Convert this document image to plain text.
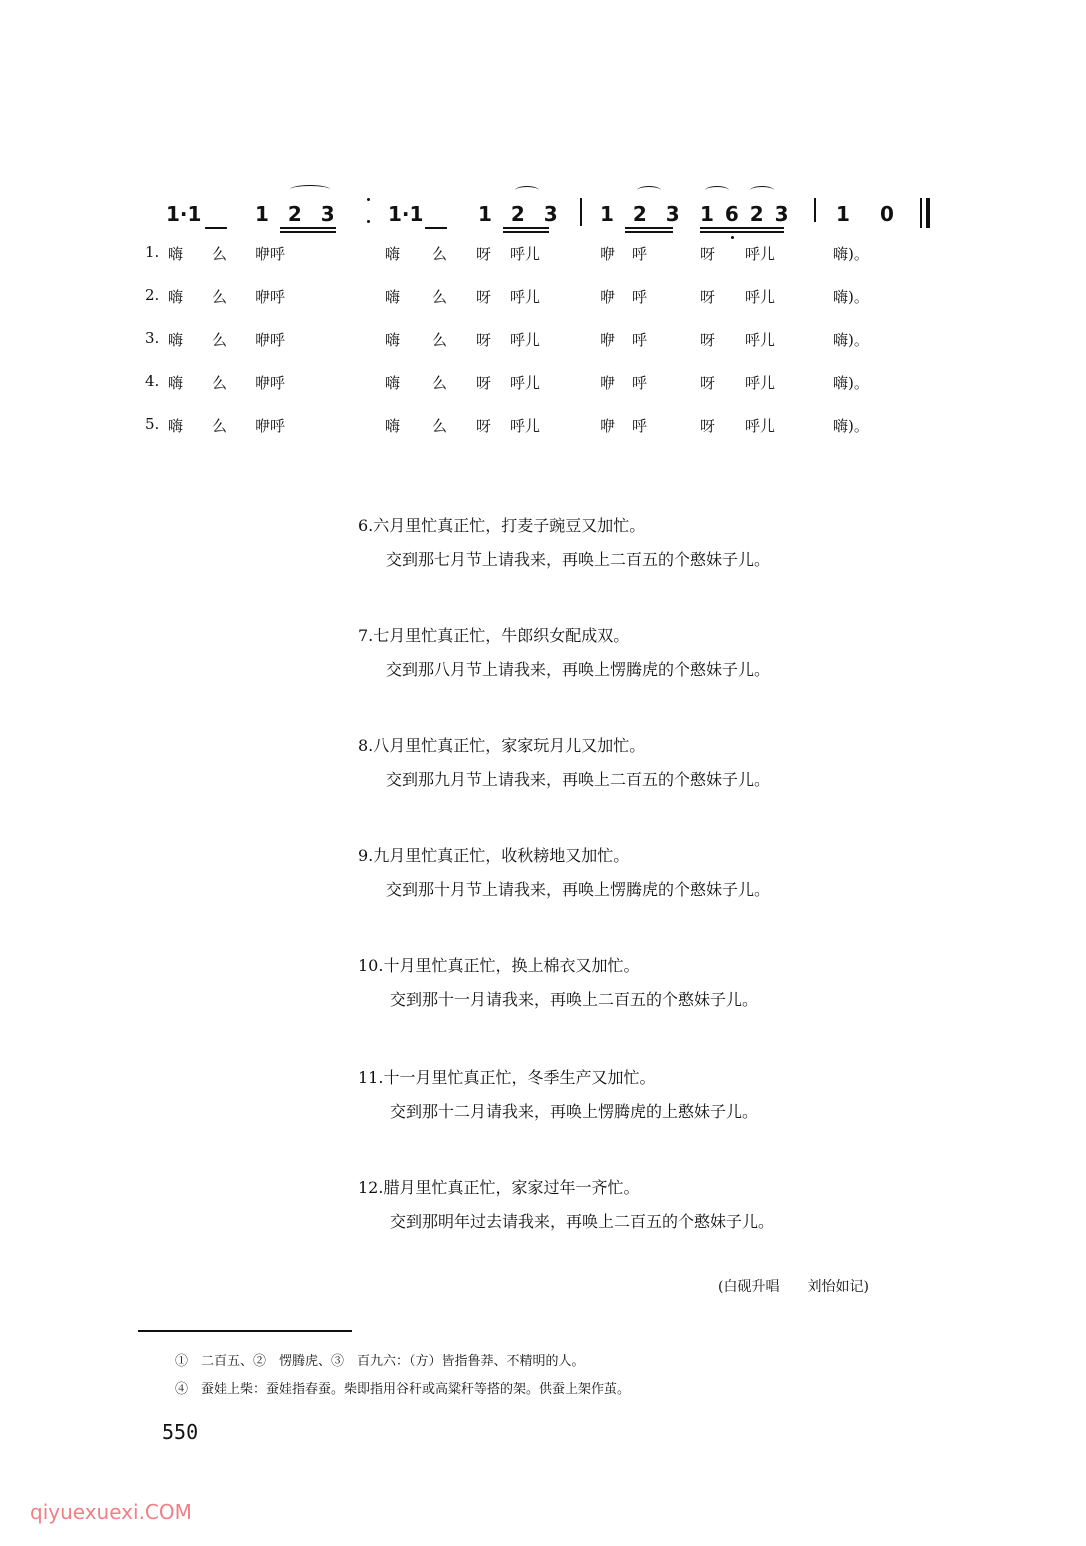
1·1	1 2 3 1·1	1 2 3 1 2 3 1 6 2 3 1 0
1. 嗨 么 咿呼	嗨 么 呀 呼儿	咿 呼	呀 呼儿	嗨)。
2. 嗨 么 咿呼	嗨 么 呀 呼儿	咿 呼	呀 呼儿	嗨)。
3. 嗨 么 咿呼	嗨 么 呀 呼儿	咿 呼	呀 呼儿	嗨)。
4. 嗨 么 咿呼	嗨 么 呀 呼儿	咿 呼	呀 呼儿	嗨)。
5. 嗨 么 咿呼	嗨 么 呀 呼儿	咿 呼	呀 呼儿	嗨)。
6.六月里忙真正忙，打麦子豌豆又加忙。
交到那七月节上请我来，再唤上二百五的个憨妹子儿。
7.七月里忙真正忙，牛郎织女配成双。
交到那八月节上请我来，再唤上愣腾虎的个憨妹子儿。
8.八月里忙真正忙，家家玩月儿又加忙。
交到那九月节上请我来，再唤上二百五的个憨妹子儿。
9.九月里忙真正忙，收秋耪地又加忙。
交到那十月节上请我来，再唤上愣腾虎的个憨妹子儿。
10.十月里忙真正忙，换上棉衣又加忙。
交到那十一月请我来，再唤上二百五的个憨妹子儿。
11.十一月里忙真正忙，冬季生产又加忙。
交到那十二月请我来，再唤上愣腾虎的上憨妹子儿。
12.腊月里忙真正忙，家家过年一齐忙。
交到那明年过去请我来，再唤上二百五的个憨妹子儿。
(白砚升唱　　刘怡如记)
①　二百五、②　愣腾虎、③　百九六：（方）皆指鲁莽、不精明的人。
④　蚕娃上柴：蚕娃指春蚕。柴即指用谷秆或高粱秆等搭的架。供蚕上架作茧。
550
qiyuexuexi.COM
